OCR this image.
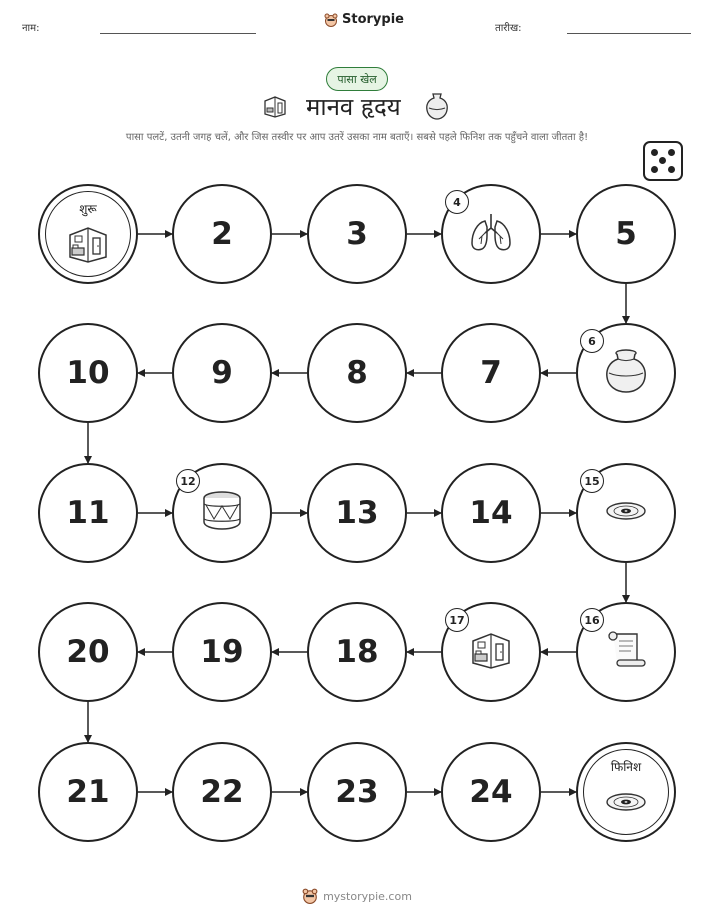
नाम:
Storypie
तारीख:
पासा खेल
मानव हृदय
पासा पलटें, उतनी जगह चलें, और जिस तस्वीर पर आप उतरें उसका नाम बताएँ। सबसे पहले फिनिश तक पहुँचने वाला जीतता है!
शुरू
2	3
4
5
6
7
8
9
10
11
12
13	14
15
16
17
18
19
20
21	22	23	24
फिनिश
mystorypie.com
